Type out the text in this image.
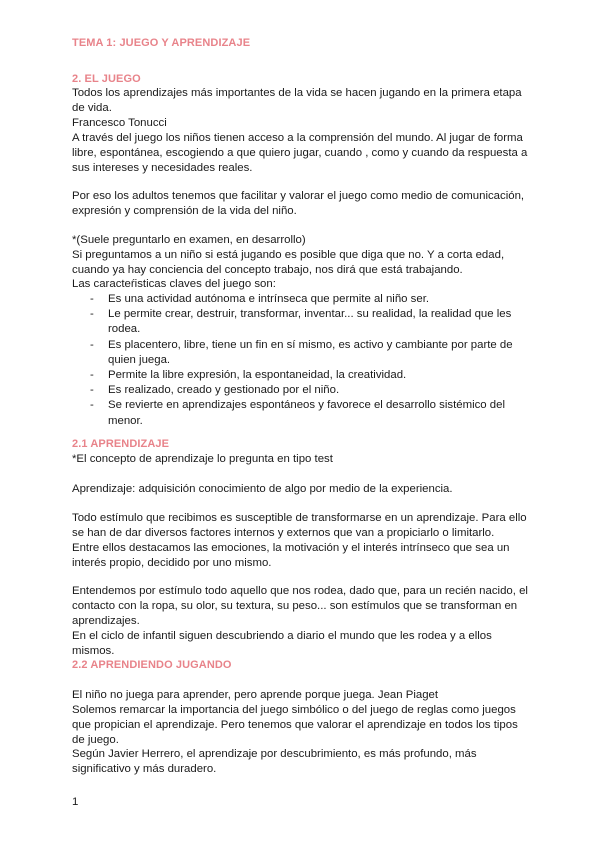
TEMA 1: JUEGO Y APRENDIZAJE
2. EL JUEGO

Todos los aprendizajes más importantes de la vida se hacen jugando en la primera etapa de vida.

Francesco Tonucci

A través del juego los niños tienen acceso a la comprensión del mundo. Al jugar de forma libre, espontánea, escogiendo a que quiero jugar, cuando , como y cuando da respuesta a sus intereses y necesidades reales.

Por eso los adultos tenemos que facilitar y valorar el juego como medio de comunicación, expresión y comprensión de la vida del niño.

*(Suele preguntarlo en examen, en desarrollo)

Si preguntamos a un niño si está jugando es posible que diga que no. Y a corta edad, cuando ya hay conciencia del concepto trabajo, nos dirá que está trabajando.

Las caracteŕisticas claves del juego son:

- Es una actividad autónoma e intrínseca que permite al niño ser.
- Le permite crear, destruir, transformar, inventar... su realidad, la realidad que les rodea.
- Es placentero, libre, tiene un fin en sí mismo, es activo y cambiante por parte de quien juega.
- Permite la libre expresión, la espontaneidad, la creatividad.
- Es realizado, creado y gestionado por el niño.
- Se revierte en aprendizajes espontáneos y favorece el desarrollo sistémico del menor.
2.1 APRENDIZAJE

*El concepto de aprendizaje lo pregunta en tipo test

Aprendizaje: adquisición conocimiento de algo por medio de la experiencia.

Todo estímulo que recibimos es susceptible de transformarse en un aprendizaje. Para ello se han de dar diversos factores internos y externos que van a propiciarlo o limitarlo.

Entre ellos destacamos las emociones, la motivación y el interés intrínseco que sea un interés propio, decidido por uno mismo.

Entendemos por estímulo todo aquello que nos rodea, dado que, para un recién nacido, el contacto con la ropa, su olor, su textura, su peso... son estímulos que se transforman en aprendizajes.

En el ciclo de infantil siguen descubriendo a diario el mundo que les rodea y a ellos mismos.

2.2 APRENDIENDO JUGANDO

El niño no juega para aprender, pero aprende porque juega. Jean Piaget

Solemos remarcar la importancia del juego simbólico o del juego de reglas como juegos que propician el aprendizaje. Pero tenemos que valorar el aprendizaje en todos los tipos de juego.

Según Javier Herrero, el aprendizaje por descubrimiento, es más profundo, más significativo y más duradero.

1
